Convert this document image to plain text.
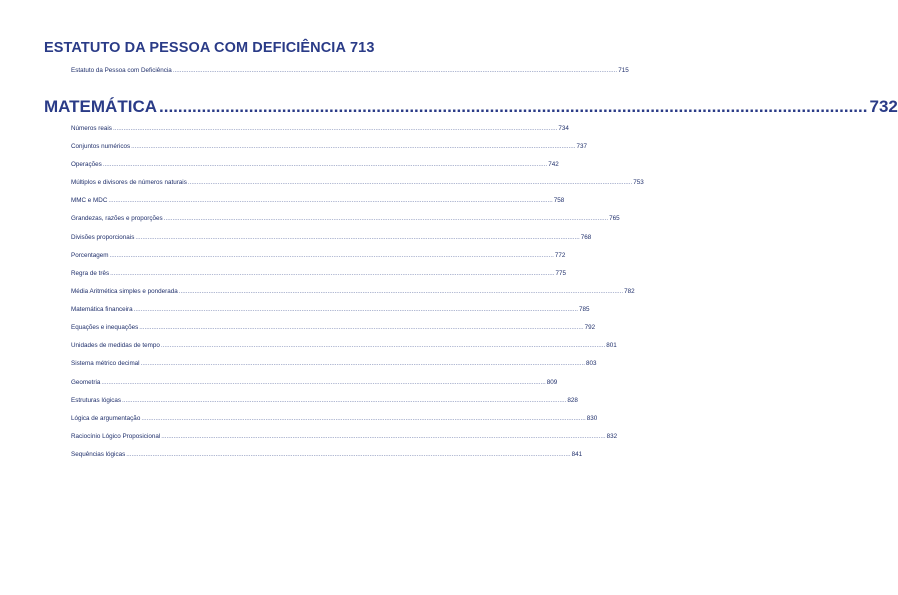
ESTATUTO DA PESSOA COM DEFICIÊNCIA 713
Estatuto da Pessoa com Deficiência .....	715
MATEMÁTICA .....	732
Números reais .....	734
Conjuntos numéricos .....	737
Operações .....	742
Múltiplos e divisores de números naturais .....	753
MMC e MDC .....	758
Grandezas, razões e proporções .....	765
Divisões proporcionais .....	768
Porcentagem .....	772
Regra de três .....	775
Média Aritmética simples e ponderada .....	782
Matemática financeira .....	785
Equações e inequações .....	792
Unidades de medidas de tempo .....	801
Sistema métrico decimal .....	803
Geometria .....	809
Estruturas lógicas .....	828
Lógica de argumentação .....	830
Raciocínio Lógico Proposicional .....	832
Sequências lógicas .....	841
